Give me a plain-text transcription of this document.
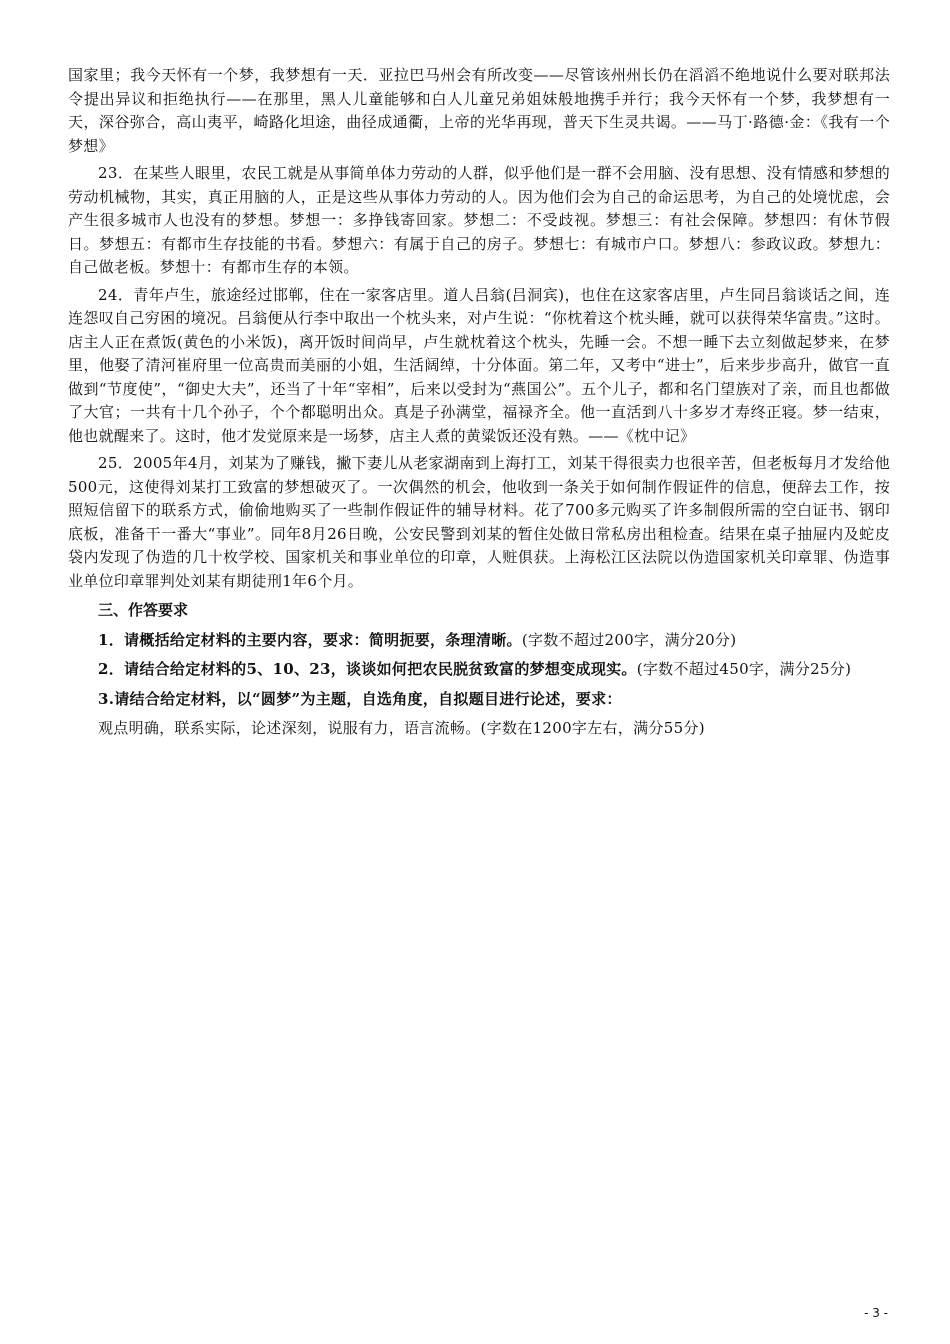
国家里；我今天怀有一个梦，我梦想有一天．亚拉巴马州会有所改变——尽管该州州长仍在滔滔不绝地说什么要对联邦法令提出异议和拒绝执行——在那里，黑人儿童能够和白人儿童兄弟姐妹般地携手并行；我今天怀有一个梦，我梦想有一天，深谷弥合，高山夷平，崎路化坦途，曲径成通衢，上帝的光华再现，普天下生灵共谒。——马丁·路德·金：《我有一个梦想》

23．在某些人眼里，农民工就是从事简单体力劳动的人群，似乎他们是一群不会用脑、没有思想、没有情感和梦想的劳动机械物，其实，真正用脑的人，正是这些从事体力劳动的人。因为他们会为自己的命运思考，为自己的处境忧虑，会产生很多城市人也没有的梦想。梦想一：多挣钱寄回家。梦想二：不受歧视。梦想三：有社会保障。梦想四：有休节假日。梦想五：有都市生存技能的书看。梦想六：有属于自己的房子。梦想七：有城市户口。梦想八：参政议政。梦想九：自己做老板。梦想十：有都市生存的本领。

24．青年卢生，旅途经过邯郸，住在一家客店里。道人吕翁(吕洞宾)，也住在这家客店里，卢生同吕翁谈话之间，连连怨叹自己穷困的境况。吕翁便从行李中取出一个枕头来，对卢生说：“你枕着这个枕头睡，就可以获得荣华富贵。”这时。店主人正在煮饭(黄色的小米饭)，离开饭时间尚早，卢生就枕着这个枕头，先睡一会。不想一睡下去立刻做起梦来，在梦里，他娶了清河崔府里一位高贵而美丽的小姐，生活阔绰，十分体面。第二年，又考中“进士”，后来步步高升，做官一直做到“节度使”，“御史大夫”，还当了十年“宰相”，后来以受封为“燕国公”。五个儿子，都和名门望族对了亲，而且也都做了大官；一共有十几个孙子，个个都聪明出众。真是子孙满堂，福禄齐全。他一直活到八十多岁才寿终正寝。梦一结束，他也就醒来了。这时，他才发觉原来是一场梦，店主人煮的黄粱饭还没有熟。——《枕中记》

25．2005年4月，刘某为了赚钱，撇下妻儿从老家湖南到上海打工，刘某干得很卖力也很辛苦，但老板每月才发给他500元，这使得刘某打工致富的梦想破灭了。一次偶然的机会，他收到一条关于如何制作假证件的信息，便辞去工作，按照短信留下的联系方式，偷偷地购买了一些制作假证件的辅导材料。花了700多元购买了许多制假所需的空白证书、钢印底板，准备干一番大“事业”。同年8月26日晚，公安民警到刘某的暂住处做日常私房出租检查。结果在桌子抽屉内及蛇皮袋内发现了伪造的几十枚学校、国家机关和事业单位的印章，人赃俱获。上海松江区法院以伪造国家机关印章罪、伪造事业单位印章罪判处刘某有期徒刑1年6个月。

三、作答要求

1．请概括给定材料的主要内容，要求：简明扼要，条理清晰。(字数不超过200字，满分20分)

2．请结合给定材料的5、10、23，谈谈如何把农民脱贫致富的梦想变成现实。(字数不超过450字，满分25分)

3.请结合给定材料，以“圆梦”为主题，自选角度，自拟题目进行论述，要求：

观点明确，联系实际，论述深刻，说服有力，语言流畅。(字数在1200字左右，满分55分)

- 3 -
